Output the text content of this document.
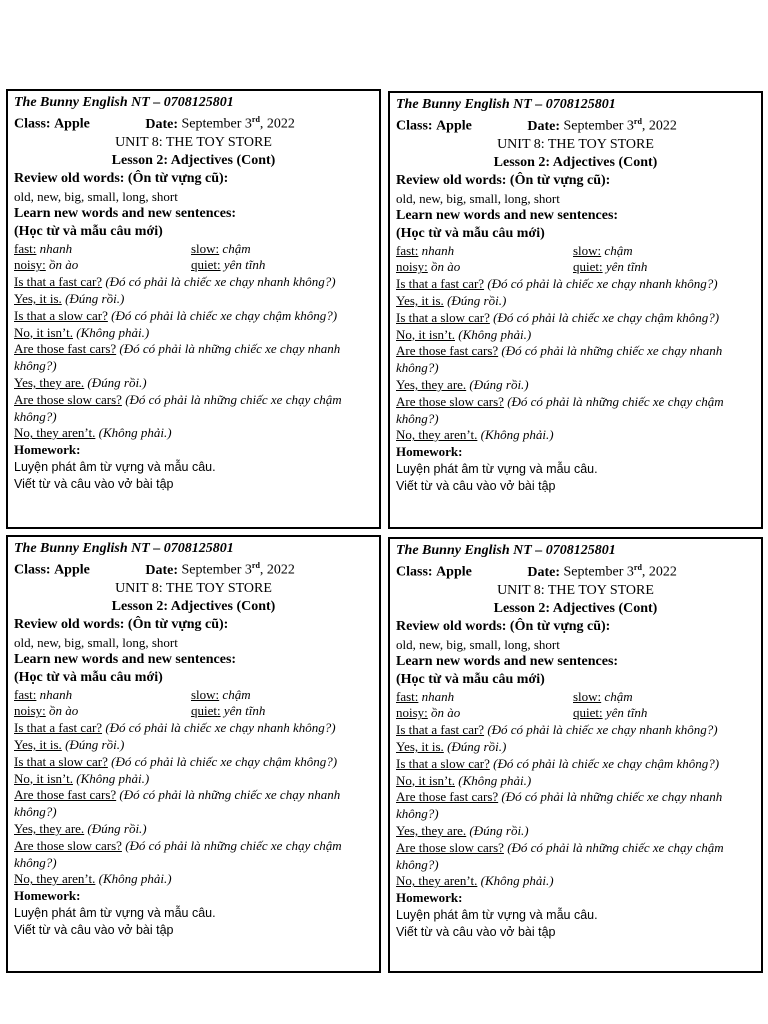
The Bunny English NT – 0708125801
Class: Apple	Date: September 3rd, 2022
UNIT 8: THE TOY STORE
Lesson 2: Adjectives (Cont)
Review old words: (Ôn từ vựng cũ):
old, new, big, small, long, short
Learn new words and new sentences:
(Học từ và mẫu câu mới)
fast: nhanh	slow: chậm
noisy: ồn ào	quiet: yên tĩnh
Is that a fast car? (Đó có phải là chiếc xe chạy nhanh không?)
Yes, it is. (Đúng rồi.)
Is that a slow car? (Đó có phải là chiếc xe chạy chậm không?)
No, it isn’t. (Không phải.)
Are those fast cars? (Đó có phải là những chiếc xe chạy nhanh không?)
Yes, they are. (Đúng rồi.)
Are those slow cars? (Đó có phải là những chiếc xe chạy chậm không?)
No, they aren’t. (Không phải.)
Homework:
Luyện phát âm từ vựng và mẫu câu.
Viết từ và câu vào vở bài tập
The Bunny English NT – 0708125801
Class: Apple	Date: September 3rd, 2022
UNIT 8: THE TOY STORE
Lesson 2: Adjectives (Cont)
Review old words: (Ôn từ vựng cũ):
old, new, big, small, long, short
Learn new words and new sentences:
(Học từ và mẫu câu mới)
fast: nhanh	slow: chậm
noisy: ồn ào	quiet: yên tĩnh
Is that a fast car? (Đó có phải là chiếc xe chạy nhanh không?)
Yes, it is. (Đúng rồi.)
Is that a slow car? (Đó có phải là chiếc xe chạy chậm không?)
No, it isn’t. (Không phải.)
Are those fast cars? (Đó có phải là những chiếc xe chạy nhanh không?)
Yes, they are. (Đúng rồi.)
Are those slow cars? (Đó có phải là những chiếc xe chạy chậm không?)
No, they aren’t. (Không phải.)
Homework:
Luyện phát âm từ vựng và mẫu câu.
Viết từ và câu vào vở bài tập
The Bunny English NT – 0708125801
Class: Apple	Date: September 3rd, 2022
UNIT 8: THE TOY STORE
Lesson 2: Adjectives (Cont)
Review old words: (Ôn từ vựng cũ):
old, new, big, small, long, short
Learn new words and new sentences:
(Học từ và mẫu câu mới)
fast: nhanh	slow: chậm
noisy: ồn ào	quiet: yên tĩnh
Is that a fast car? (Đó có phải là chiếc xe chạy nhanh không?)
Yes, it is. (Đúng rồi.)
Is that a slow car? (Đó có phải là chiếc xe chạy chậm không?)
No, it isn’t. (Không phải.)
Are those fast cars? (Đó có phải là những chiếc xe chạy nhanh không?)
Yes, they are. (Đúng rồi.)
Are those slow cars? (Đó có phải là những chiếc xe chạy chậm không?)
No, they aren’t. (Không phải.)
Homework:
Luyện phát âm từ vựng và mẫu câu.
Viết từ và câu vào vở bài tập
The Bunny English NT – 0708125801
Class: Apple	Date: September 3rd, 2022
UNIT 8: THE TOY STORE
Lesson 2: Adjectives (Cont)
Review old words: (Ôn từ vựng cũ):
old, new, big, small, long, short
Learn new words and new sentences:
(Học từ và mẫu câu mới)
fast: nhanh	slow: chậm
noisy: ồn ào	quiet: yên tĩnh
Is that a fast car? (Đó có phải là chiếc xe chạy nhanh không?)
Yes, it is. (Đúng rồi.)
Is that a slow car? (Đó có phải là chiếc xe chạy chậm không?)
No, it isn’t. (Không phải.)
Are those fast cars? (Đó có phải là những chiếc xe chạy nhanh không?)
Yes, they are. (Đúng rồi.)
Are those slow cars? (Đó có phải là những chiếc xe chạy chậm không?)
No, they aren’t. (Không phải.)
Homework:
Luyện phát âm từ vựng và mẫu câu.
Viết từ và câu vào vở bài tập
